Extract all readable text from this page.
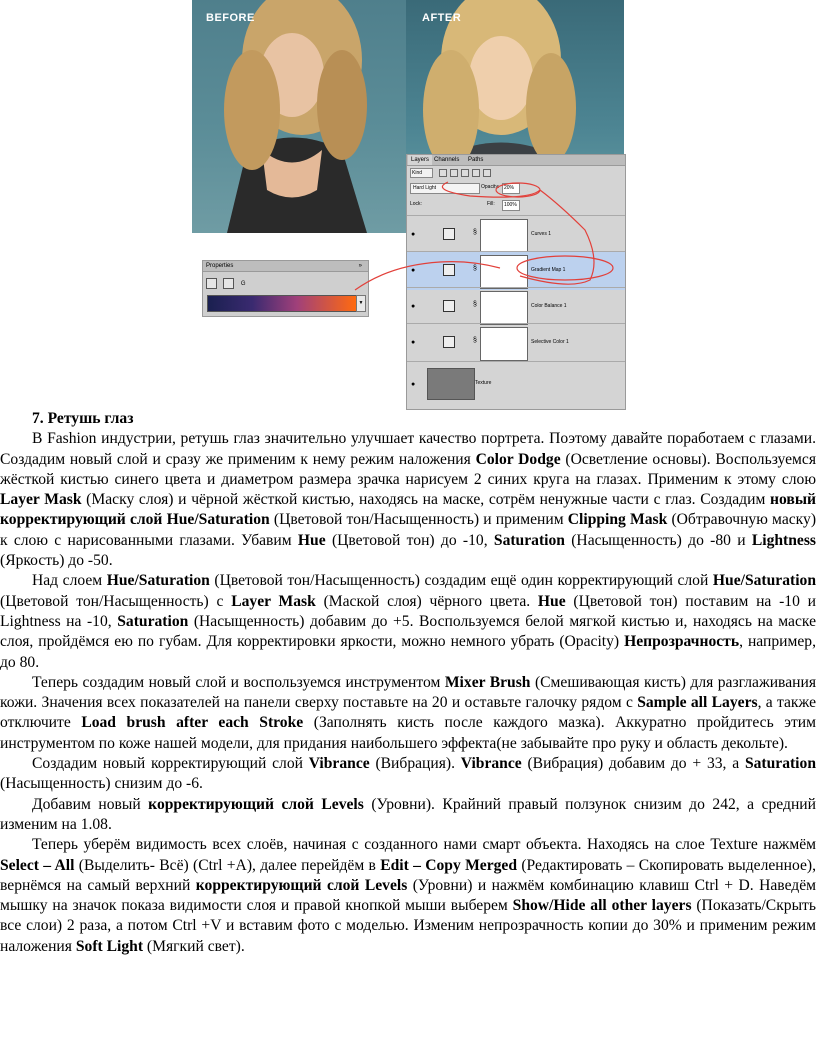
BEFORE	AFTER
Properties	»
G
▼
Layers Channels	Paths
Kind
Hard Light	Opacity: 20%
Lock:	Fill:	100%
●	§	Curves 1
●	§	Gradient Map 1
●	§	Color Balance 1
●	§	Selective Color 1
●	Texture

7. Ретушь глаз

В Fashion индустрии, ретушь глаз значительно улучшает качество портрета. Поэтому давайте поработаем с глазами. Создадим новый слой и сразу же применим к нему режим наложения Color Dodge (Осветление основы). Воспользуемся жёсткой кистью синего цвета и диаметром размера зрачка нарисуем 2 синих круга на глазах. Применим к этому слою Layer Mask (Маску слоя) и чёрной жёсткой кистью, находясь на маске, сотрём ненужные части с глаз. Создадим новый корректирующий слой Hue/Saturation (Цветовой тон/Насыщенность) и применим Clipping Mask (Обтравочную маску) к слою с нарисованными глазами. Убавим Hue (Цветовой тон) до -10, Saturation (Насыщенность) до -80 и Lightness (Яркость) до -50.

Над слоем Hue/Saturation (Цветовой тон/Насыщенность) создадим ещё один корректирующий слой Hue/Saturation (Цветовой тон/Насыщенность) с Layer Mask (Маской слоя) чёрного цвета. Hue (Цветовой тон) поставим на -10 и Lightness на -10, Saturation (Насыщенность) добавим до +5. Воспользуемся белой мягкой кистью и, находясь на маске слоя, пройдёмся ею по губам. Для корректировки яркости, можно немного убрать (Opacity) Непрозрачность, например, до 80.

Теперь создадим новый слой и воспользуемся инструментом Mixer Brush (Смешивающая кисть) для разглаживания кожи. Значения всех показателей на панели сверху поставьте на 20 и оставьте галочку рядом с Sample all Layers, а также отключите Load brush after each Stroke (Заполнять кисть после каждого мазка). Аккуратно пройдитесь этим инструментом по коже нашей модели, для придания наибольшего эффекта(не забывайте про руку и область декольте).

Создадим новый корректирующий слой Vibrance (Вибрация). Vibrance (Вибрация) добавим до + 33, а Saturation (Насыщенность) снизим до -6.

Добавим новый корректирующий слой Levels (Уровни). Крайний правый ползунок снизим до 242, а средний изменим на 1.08.

Теперь уберём видимость всех слоёв, начиная с созданного нами смарт объекта. Находясь на слое Texture нажмём Select – All (Выделить- Всё) (Ctrl +A), далее перейдём в Edit – Copy Merged (Редактировать – Скопировать выделенное), вернёмся на самый верхний корректирующий слой Levels (Уровни) и нажмём комбинацию клавиш Ctrl + D. Наведём мышку на значок показа видимости слоя и правой кнопкой мыши выберем Show/Hide all other layers (Показать/Скрыть все слои) 2 раза, а потом Ctrl +V и вставим фото с моделью. Изменим непрозрачность копии до 30% и применим режим наложения Soft Light (Мягкий свет).
